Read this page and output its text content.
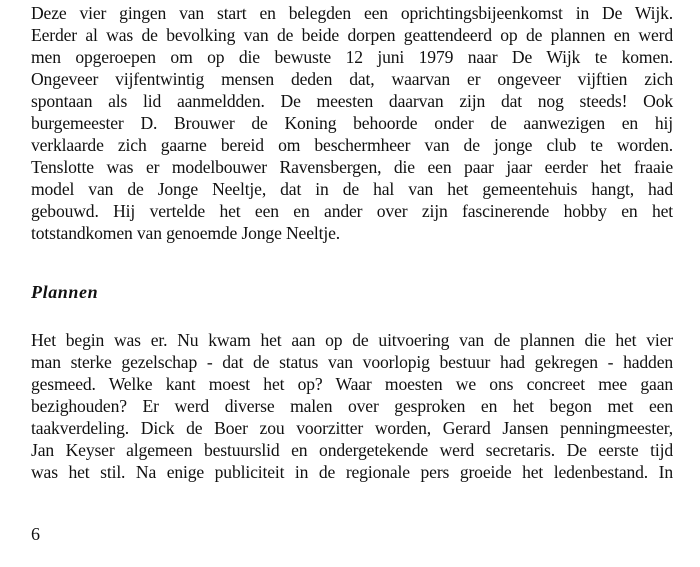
Deze vier gingen van start en belegden een oprichtingsbijeenkomst in De Wijk.
Eerder al was de bevolking van de beide dorpen geattendeerd op de plannen en werd
men opgeroepen om op die bewuste 12 juni 1979 naar De Wijk te komen.
Ongeveer vijfentwintig mensen deden dat, waarvan er ongeveer vijftien zich
spontaan als lid aanmeldden. De meesten daarvan zijn dat nog steeds! Ook
burgemeester D. Brouwer de Koning behoorde onder de aanwezigen en hij
verklaarde zich gaarne bereid om beschermheer van de jonge club te worden.
Tenslotte was er modelbouwer Ravensbergen, die een paar jaar eerder het fraaie
model van de Jonge Neeltje, dat in de hal van het gemeentehuis hangt, had
gebouwd. Hij vertelde het een en ander over zijn fascinerende hobby en het
totstandkomen van genoemde Jonge Neeltje.
Plannen
Het begin was er. Nu kwam het aan op de uitvoering van de plannen die het vier
man sterke gezelschap - dat de status van voorlopig bestuur had gekregen - hadden
gesmeed. Welke kant moest het op? Waar moesten we ons concreet mee gaan
bezighouden? Er werd diverse malen over gesproken en het begon met een
taakverdeling. Dick de Boer zou voorzitter worden, Gerard Jansen penningmeester,
Jan Keyser algemeen bestuurslid en ondergetekende werd secretaris. De eerste tijd
was het stil. Na enige publiciteit in de regionale pers groeide het ledenbestand. In
6
